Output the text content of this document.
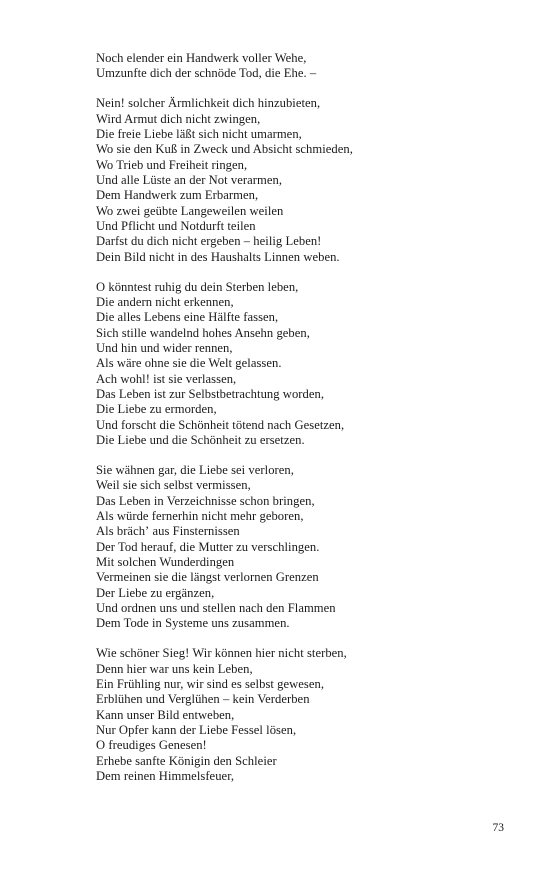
Noch elender ein Handwerk voller Wehe,
Umzunfte dich der schnöde Tod, die Ehe. –
Nein! solcher Ärmlichkeit dich hinzubieten,
Wird Armut dich nicht zwingen,
Die freie Liebe läßt sich nicht umarmen,
Wo sie den Kuß in Zweck und Absicht schmieden,
Wo Trieb und Freiheit ringen,
Und alle Lüste an der Not verarmen,
Dem Handwerk zum Erbarmen,
Wo zwei geübte Langeweilen weilen
Und Pflicht und Notdurft teilen
Darfst du dich nicht ergeben – heilig Leben!
Dein Bild nicht in des Haushalts Linnen weben.
O könntest ruhig du dein Sterben leben,
Die andern nicht erkennen,
Die alles Lebens eine Hälfte fassen,
Sich stille wandelnd hohes Ansehn geben,
Und hin und wider rennen,
Als wäre ohne sie die Welt gelassen.
Ach wohl! ist sie verlassen,
Das Leben ist zur Selbstbetrachtung worden,
Die Liebe zu ermorden,
Und forscht die Schönheit tötend nach Gesetzen,
Die Liebe und die Schönheit zu ersetzen.
Sie wähnen gar, die Liebe sei verloren,
Weil sie sich selbst vermissen,
Das Leben in Verzeichnisse schon bringen,
Als würde fernerhin nicht mehr geboren,
Als brächʼ aus Finsternissen
Der Tod herauf, die Mutter zu verschlingen.
Mit solchen Wunderdingen
Vermeinen sie die längst verlornen Grenzen
Der Liebe zu ergänzen,
Und ordnen uns und stellen nach den Flammen
Dem Tode in Systeme uns zusammen.
Wie schöner Sieg! Wir können hier nicht sterben,
Denn hier war uns kein Leben,
Ein Frühling nur, wir sind es selbst gewesen,
Erblühen und Verglühen – kein Verderben
Kann unser Bild entweben,
Nur Opfer kann der Liebe Fessel lösen,
O freudiges Genesen!
Erhebe sanfte Königin den Schleier
Dem reinen Himmelsfeuer,
73
